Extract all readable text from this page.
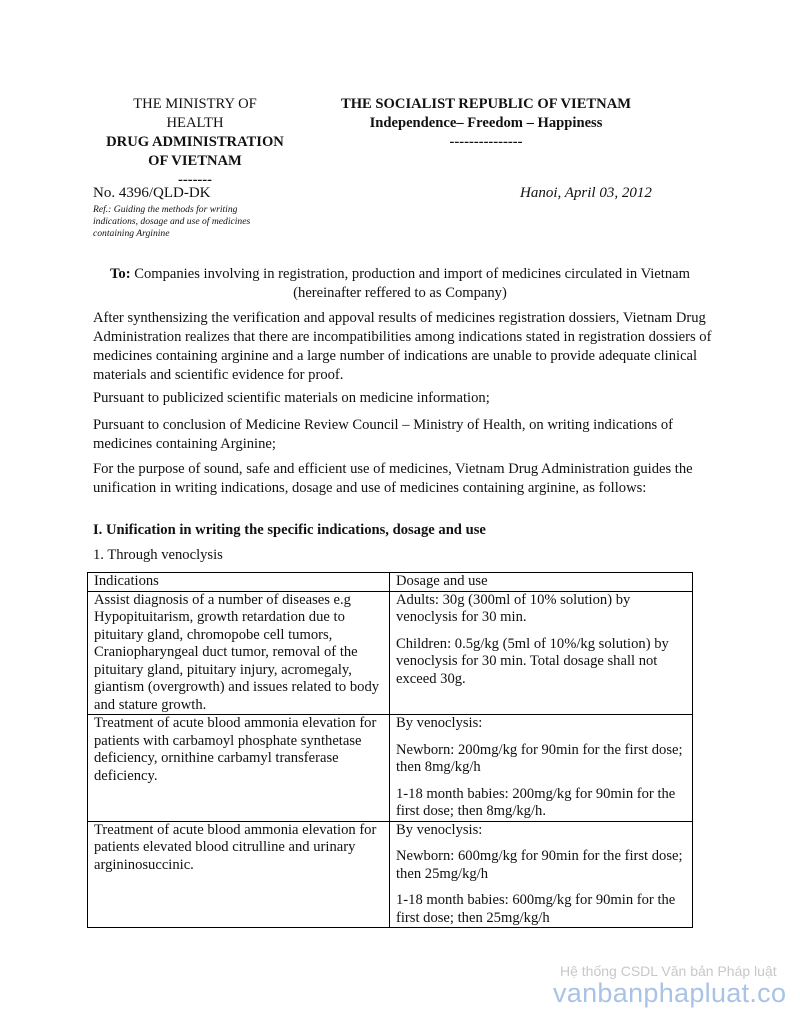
THE MINISTRY OF
HEALTH
DRUG ADMINISTRATION
OF VIETNAM
-------
THE SOCIALIST REPUBLIC OF VIETNAM
Independence– Freedom – Happiness
---------------
No. 4396/QLD-DK	Hanoi, April 03, 2012
Ref.: Guiding the methods for writing indications, dosage and use of medicines containing Arginine
To: Companies involving in registration, production and import of medicines circulated in Vietnam (hereinafter reffered to as Company)
After synthensizing the verification and appoval results of medicines registration dossiers, Vietnam Drug Administration realizes that there are incompatibilities among indications stated in registration dossiers of medicines containing arginine and a large number of indications are unable to provide adequate clinical materials and scientific evidence for proof.
Pursuant to publicized scientific materials on medicine information;
Pursuant to conclusion of Medicine Review Council – Ministry of Health, on writing indications of medicines containing Arginine;
For the purpose of sound, safe and efficient use of medicines, Vietnam Drug Administration guides the unification in writing indications, dosage and use of medicines containing arginine, as follows:
I. Unification in writing the specific indications, dosage and use
1. Through venoclysis
Indications	Dosage and use
Assist diagnosis of a number of diseases e.g Hypopituitarism, growth retardation due to pituitary gland, chromopobe cell tumors, Craniopharyngeal duct tumor, removal of the pituitary gland, pituitary injury, acromegaly, giantism (overgrowth) and issues related to body and stature growth.	Adults: 30g (300ml of 10% solution) by venoclysis for 30 min.
Children: 0.5g/kg (5ml of 10%/kg solution) by venoclysis for 30 min. Total dosage shall not exceed 30g.

Treatment of acute blood ammonia elevation for patients with carbamoyl phosphate synthetase deficiency, ornithine carbamyl transferase deficiency.	By venoclysis:
Newborn: 200mg/kg for 90min for the first dose; then 8mg/kg/h
1-18 month babies: 200mg/kg for 90min for the first dose; then 8mg/kg/h.

Treatment of acute blood ammonia elevation for patients elevated blood citrulline and urinary argininosuccinic.	By venoclysis:
Newborn: 600mg/kg for 90min for the first dose; then 25mg/kg/h
1-18 month babies: 600mg/kg for 90min for the first dose; then 25mg/kg/h
Hệ thống CSDL Văn bản Pháp luật
vanbanphapluat.co
